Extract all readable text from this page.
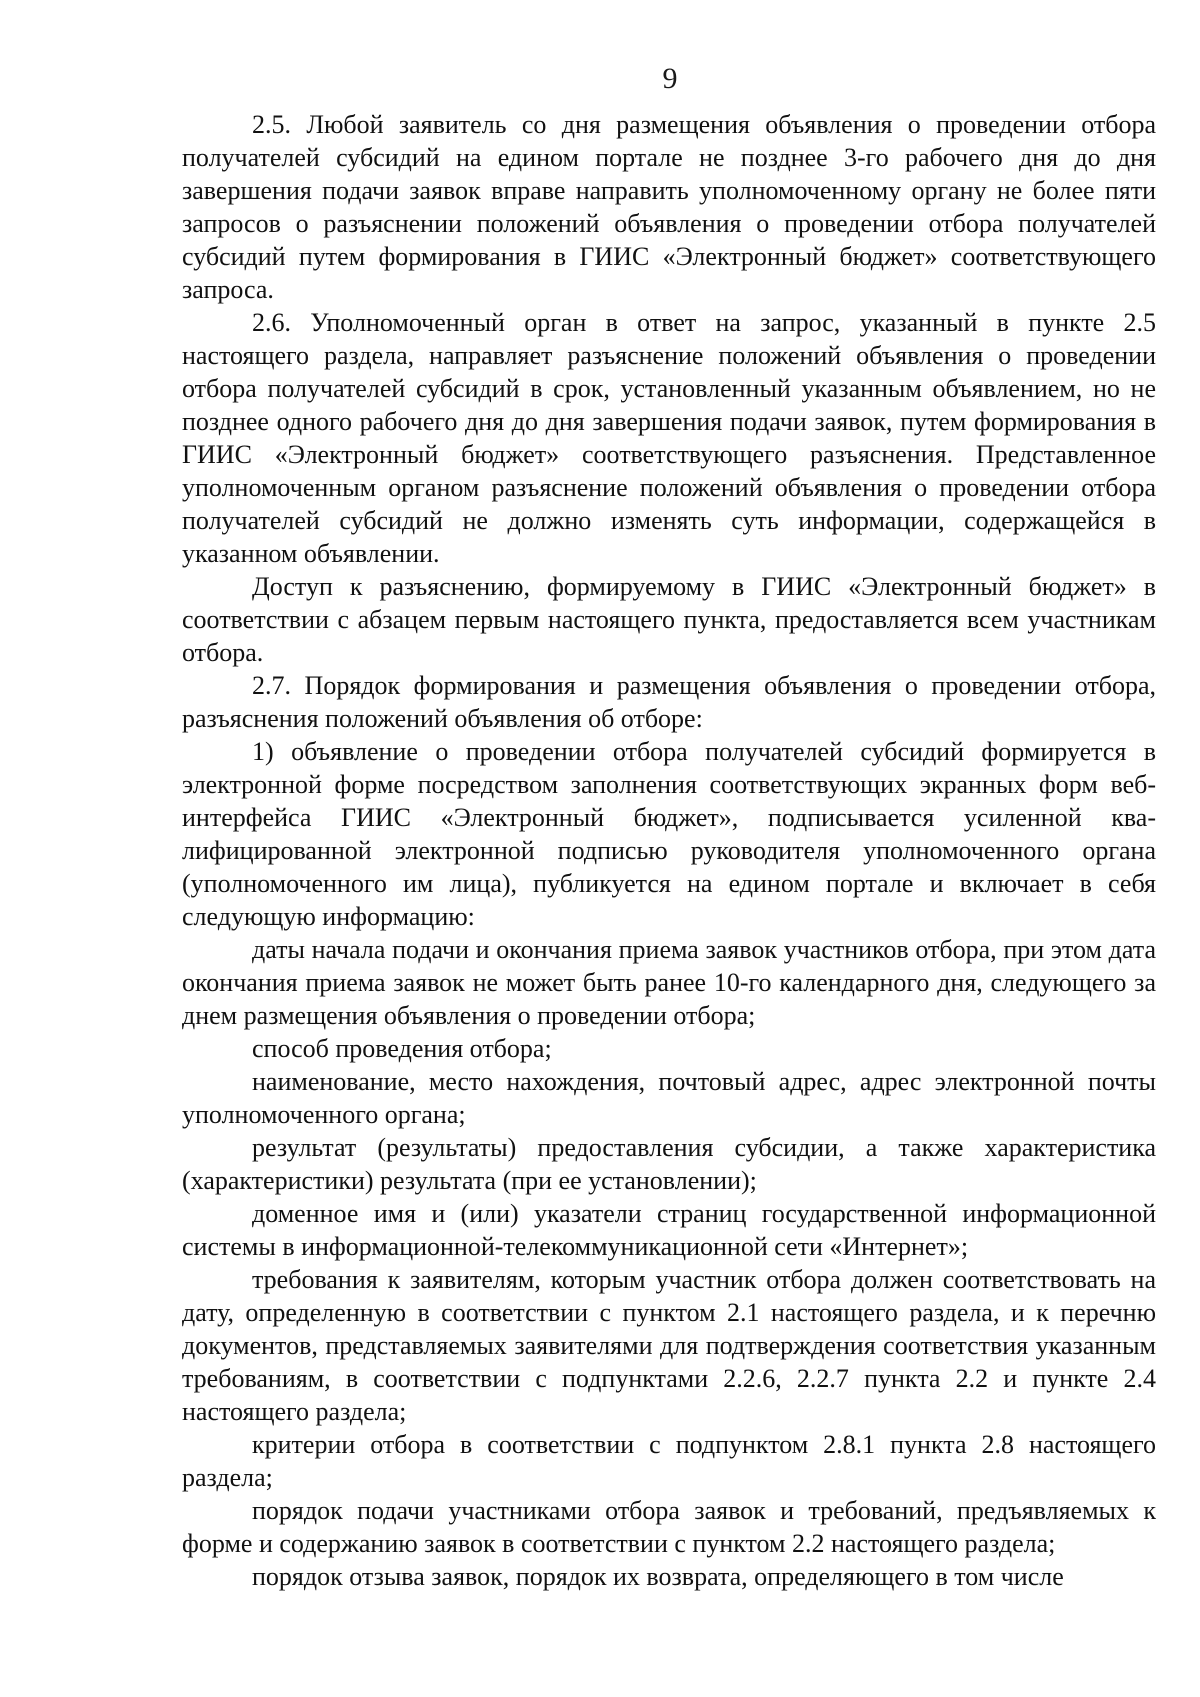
9

2.5. Любой заявитель со дня размещения объявления о проведении отбора получателей субсидий на едином портале не позднее 3-го рабочего дня до дня завершения подачи заявок вправе направить уполномоченному органу не более пяти запросов о разъяснении положений объявления о проведении отбора получателей субсидий путем формирования в ГИИС «Электронный бюджет» соответствующего запроса.

2.6. Уполномоченный орган в ответ на запрос, указанный в пункте 2.5 настоящего раздела, направляет разъяснение положений объявления о проведении отбора получателей субсидий в срок, установленный указанным объявлением, но не позднее одного рабочего дня до дня завершения подачи заявок, путем формирования в ГИИС «Электронный бюджет» соответствующего разъяснения. Представленное уполномоченным органом разъяснение положений объявления о проведении отбора получателей субсидий не должно изменять суть информации, содержащейся в указанном объявлении.

Доступ к разъяснению, формируемому в ГИИС «Электронный бюджет» в соответствии с абзацем первым настоящего пункта, предоставляется всем участникам отбора.

2.7. Порядок формирования и размещения объявления о проведении отбора, разъяснения положений объявления об отборе:

1) объявление о проведении отбора получателей субсидий формируется в электронной форме посредством заполнения соответствующих экранных форм веб-интерфейса ГИИС «Электронный бюджет», подписывается усиленной квалифицированной электронной подписью руководителя уполномоченного органа (уполномоченного им лица), публикуется на едином портале и включает в себя следующую информацию:

даты начала подачи и окончания приема заявок участников отбора, при этом дата окончания приема заявок не может быть ранее 10-го календарного дня, следующего за днем размещения объявления о проведении отбора;

способ проведения отбора;

наименование, место нахождения, почтовый адрес, адрес электронной почты уполномоченного органа;

результат (результаты) предоставления субсидии, а также характеристика (характеристики) результата (при ее установлении);

доменное имя и (или) указатели страниц государственной информационной системы в информационной-телекоммуникационной сети «Интернет»;

требования к заявителям, которым участник отбора должен соответствовать на дату, определенную в соответствии с пунктом 2.1 настоящего раздела, и к перечню документов, представляемых заявителями для подтверждения соответствия указанным требованиям, в соответствии с подпунктами 2.2.6, 2.2.7 пункта 2.2 и пункте 2.4 настоящего раздела;

критерии отбора в соответствии с подпунктом 2.8.1 пункта 2.8 настоящего раздела;

порядок подачи участниками отбора заявок и требований, предъявляемых к форме и содержанию заявок в соответствии с пунктом 2.2 настоящего раздела;

порядок отзыва заявок, порядок их возврата, определяющего в том числе
